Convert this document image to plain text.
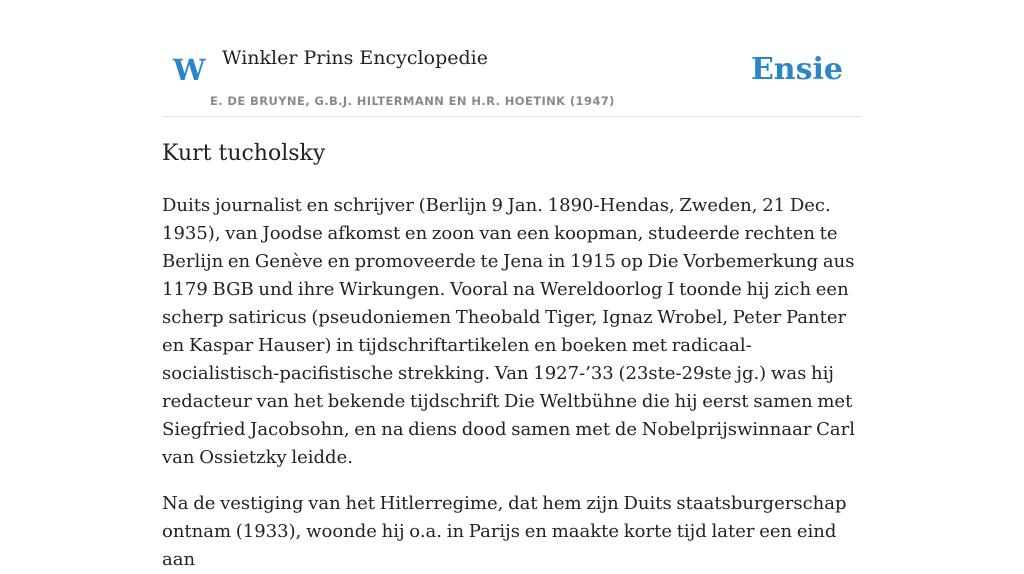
W Winkler Prins Encyclopedie
E. DE BRUYNE, G.B.J. HILTERMANN EN H.R. HOETINK (1947)
Ensie
Kurt tucholsky

Duits journalist en schrijver (Berlijn 9 Jan. 1890-Hendas, Zweden, 21 Dec. 1935), van Joodse afkomst en zoon van een koopman, studeerde rechten te Berlijn en Genève en promoveerde te Jena in 1915 op Die Vorbemerkung aus 1179 BGB und ihre Wirkungen. Vooral na Wereldoorlog I toonde hij zich een scherp satiricus (pseudoniemen Theobald Tiger, Ignaz Wrobel, Peter Panter en Kaspar Hauser) in tijdschriftartikelen en boeken met radicaal-socialistisch-pacifistische strekking. Van 1927-’33 (23ste-29ste jg.) was hij redacteur van het bekende tijdschrift Die Weltbühne die hij eerst samen met Siegfried Jacobsohn, en na diens dood samen met de Nobelprijswinnaar Carl van Ossietzky leidde.

Na de vestiging van het Hitlerregime, dat hem zijn Duits staatsburgerschap ontnam (1933), woonde hij o.a. in Parijs en maakte korte tijd later een eind aan
